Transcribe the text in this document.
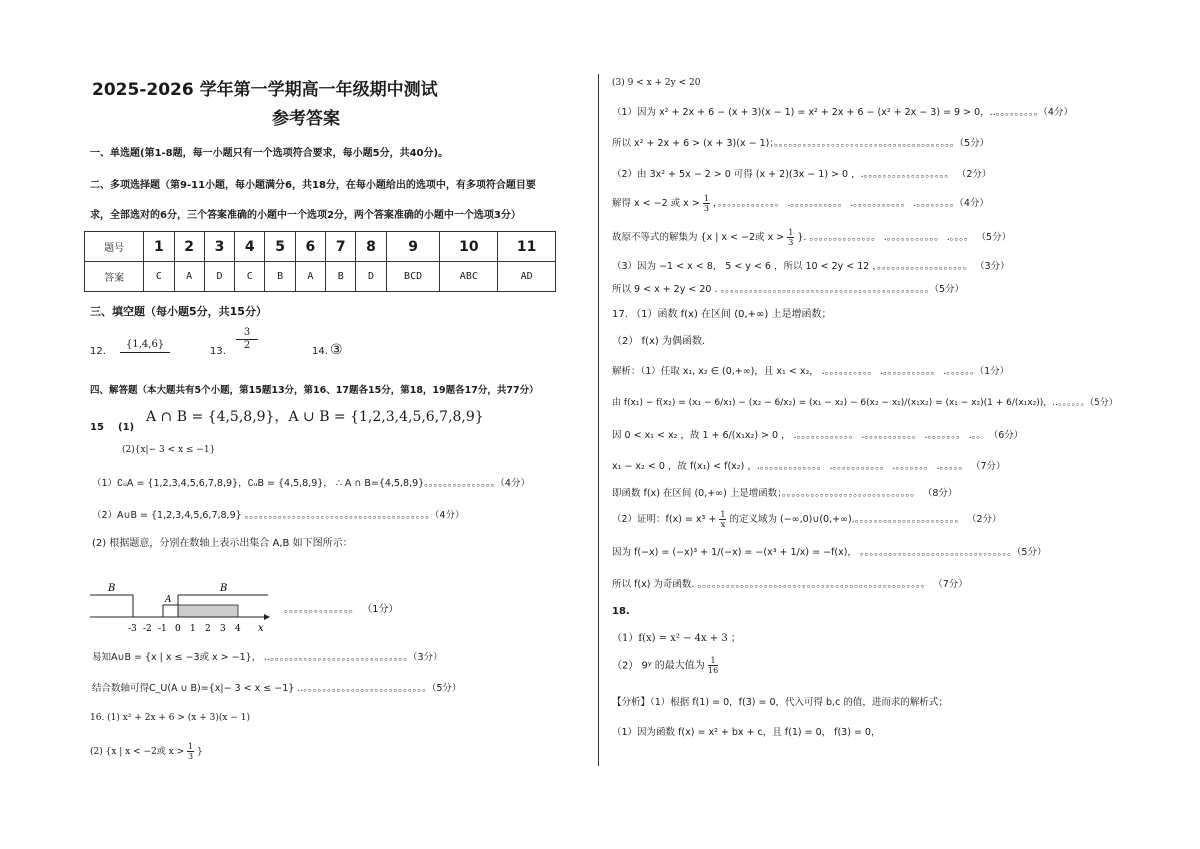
2025-2026 学年第一学期高一年级期中测试
参考答案
一、单选题(第1-8题，每一小题只有一个选项符合要求，每小题5分，共40分)。
二、多项选择题（第9-11小题，每小题满分6，共18分，在每小题给出的选项中，有多项符合题目要
求，全部选对的6分，三个答案准确的小题中一个选项2分，两个答案准确的小题中一个选项3分）
题号	1	2	3	4	5	6	7	8	9	10	11
答案	C	A	D	C	B	A	B	D	BCD	ABC	AD
三、填空题（每小题5分，共15分）
12.
{1,4,6}
13. $\frac{3}{2}$	14. ③
四、解答题（本大题共有5个小题，第15题13分，第16、17题各15分，第18，19题各17分，共77分）
15 (1)
A ∩ B = {4,5,8,9}，A ∪ B = {1,2,3,4,5,6,7,8,9}
(2){x|− 3 < x ≤ −1}
（1）∁ᵤA = {1,2,3,4,5,6,7,8,9}，∁ᵤB = {4,5,8,9}， ∴ A ∩ B={4,5,8,9}。。。。。。。。。。。。。。。（4分）
（2）A∪B = {1,2,3,4,5,6,7,8,9} 。。。。。。。。。。。。。。。。。。。。。。。。。。。。。。。。。。。。。。。（4分）
(2) 根据题意，分别在数轴上表示出集合 A,B 如下图所示：
B
A
B
-3 -2 -1 0 1 2 3 4 x
。。。。。。。。。。。。。。 （1分）
易知A∪B = {x | x ≤ −3或 x > −1}， ..。。。。。。。。。。。。。。。。。。。。。。。。。。。。。（3分）
结合数轴可得C_U(A ∪ B)={x|− 3 < x ≤ −1} ..。。。。。。。。。。。。。。。。。。。。。。。。。。（5分）
16. (1) x² + 2x + 6 > (x + 3)(x − 1)
(2) {x | x < −2或 $x > \frac{1}{3}$ }
(3) 9 < x + 2y < 20
（1）因为 x² + 2x + 6 − (x + 3)(x − 1) = x² + 2x + 6 − (x² + 2x − 3) = 9 > 0，..。。。。。。。。。（4分）
所以 x² + 2x + 6 > (x + 3)(x − 1)；。。。。。。。。。。。。。。。。。。。。。。。。。。。。。。。。。。。。。。（5分）
（2）由 3x² + 5x − 2 > 0 可得 (x + 2)(3x − 1) > 0 ，.。。。。。。。。。。。。。。。。。。 （2分）
解得 x < −2 或 $x > \frac{1}{3}$ ，。。。。。。。。。。。。。 .。。。。。。。。。。。 .。。。。。。。。。。。 .。。。。。。。。（4分）
故原不等式的解集为 {x | x < −2或 $x > \frac{1}{3}$ }. 。。。。。。。。。。。。。。 .。。。。。。。。。。。 .。。。。 （5分）
（3）因为 −1 < x < 8， 5 < y < 6 ，所以 10 < 2y < 12 ，。。。。。。。。。。。。。。。。。。。 （3分）
所以 9 < x + 2y < 20 . 。。。。。。。。。。。。。。。。。。。。。。。。。。。。。。。。。。。。。。。。。。。。（5分）
17. （1）函数 f(x) 在区间 (0,+∞) 上是增函数；
（2） f(x) 为偶函数.
解析：（1）任取 x₁, x₂ ∈ (0,+∞)，且 x₁ < x₂， .。。。。。。。。。。 .。。。。。。。。。。。 .。。。。。。（1分）
由 f(x₁) − f(x₂) = (x₁ − 6/x₁) − (x₂ − 6/x₂) = (x₁ − x₂) − 6(x₂ − x₁)/(x₁x₂) = (x₁ − x₂)(1 + 6/(x₁x₂))，..。。。。。。（5分）
因 0 < x₁ < x₂ ，故 1 + 6/(x₁x₂) > 0 ， .。。。。。。。。。。。。 .。。。。。。。。。。。 .。。。。。。。 .。。 （6分）
x₁ − x₂ < 0 ，故 f(x₁) < f(x₂) ，.。。。。。。。。。。。。。 .。。。。。。。。。。。 .。。。。。。。 .。。。。。 （7分）
即函数 f(x) 在区间 (0,+∞) 上是增函数；。。。。。。。。。。。。。。。。。。。。。。。。。。。。 （8分）
（2）证明：$f(x) = x^3 + \frac{1}{x}$ 的定义域为 (−∞,0)∪(0,+∞).。。。。。。。。。。。。。。。。。。。。。。 （2分）
因为 f(−x) = (−x)³ + 1/(−x) = −(x³ + 1/x) = −f(x)， 。。。。。。。。。。。。。。。。。。。。。。。。。。。。。。。。（5分）
所以 f(x) 为奇函数. 。。。。。。。。。。。。。。。。。。。。。。。。。。。。。。。。。。。。。。。。。。。。。。。。 （7分）
18.
（1）f(x) = x² − 4x + 3 ；
（2） 9ʸ 的最大值为 $\frac{1}{16}$
【分析】（1）根据 f(1) = 0，f(3) = 0，代入可得 b,c 的值，进而求的解析式；
（1）因为函数 f(x) = x² + bx + c，且 f(1) = 0， f(3) = 0，
